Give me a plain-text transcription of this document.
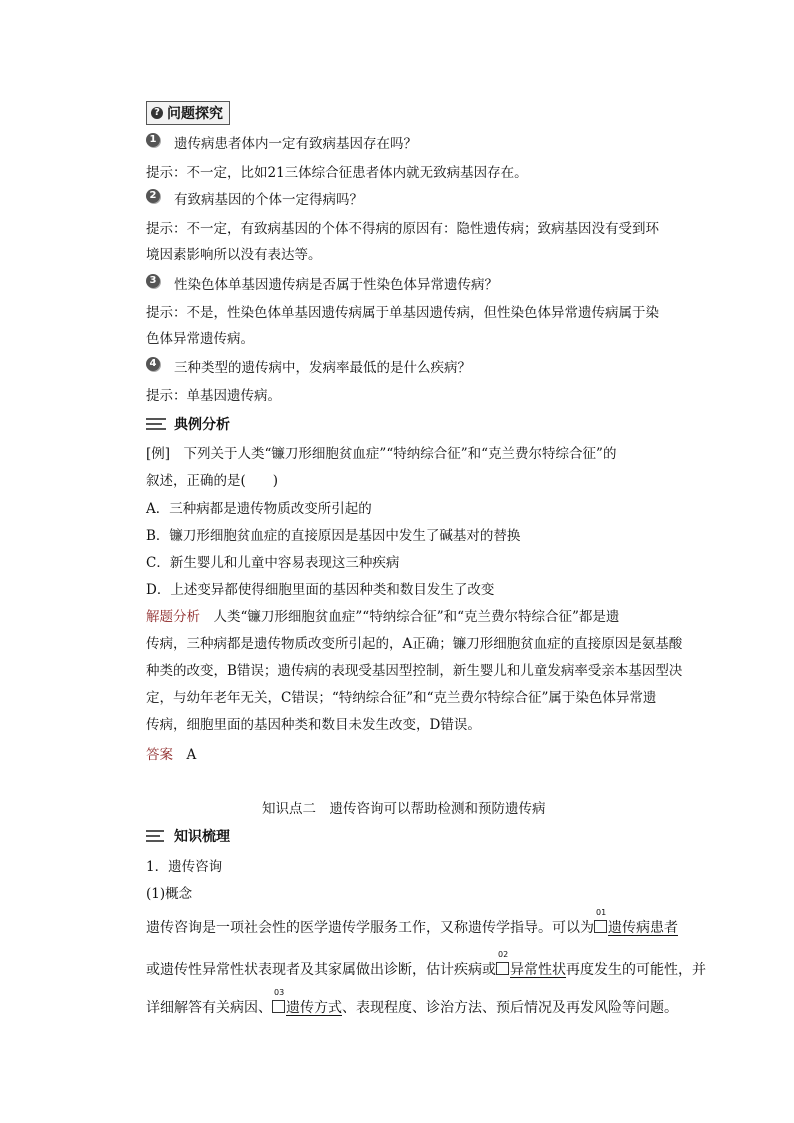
? 问题探究
1 遗传病患者体内一定有致病基因存在吗？
提示：不一定，比如21三体综合征患者体内就无致病基因存在。
2 有致病基因的个体一定得病吗？
提示：不一定，有致病基因的个体不得病的原因有：隐性遗传病；致病基因没有受到环
境因素影响所以没有表达等。
3 性染色体单基因遗传病是否属于性染色体异常遗传病？
提示：不是，性染色体单基因遗传病属于单基因遗传病，但性染色体异常遗传病属于染
色体异常遗传病。
4 三种类型的遗传病中，发病率最低的是什么疾病？
提示：单基因遗传病。
典例分析
[例]　下列关于人类“镰刀形细胞贫血症”“特纳综合征”和“克兰费尔特综合征”的
叙述，正确的是(　　)
A．三种病都是遗传物质改变所引起的
B．镰刀形细胞贫血症的直接原因是基因中发生了碱基对的替换
C．新生婴儿和儿童中容易表现这三种疾病
D．上述变异都使得细胞里面的基因种类和数目发生了改变
解题分析　人类“镰刀形细胞贫血症”“特纳综合征”和“克兰费尔特综合征”都是遗
传病，三种病都是遗传物质改变所引起的，A正确；镰刀形细胞贫血症的直接原因是氨基酸
种类的改变，B错误；遗传病的表现受基因型控制，新生婴儿和儿童发病率受亲本基因型决
定，与幼年老年无关，C错误；“特纳综合征”和“克兰费尔特综合征”属于染色体异常遗
传病，细胞里面的基因种类和数目未发生改变，D错误。
答案　A
知识点二　遗传咨询可以帮助检测和预防遗传病
知识梳理
1．遗传咨询
(1)概念
遗传咨询是一项社会性的医学遗传学服务工作，又称遗传学指导。可以为
01
遗传病患者
或遗传性异常性状表现者及其家属做出诊断，估计疾病或
02
异常性状再度发生的可能性，并
详细解答有关病因、
03
遗传方式、表现程度、诊治方法、预后情况及再发风险等问题。
